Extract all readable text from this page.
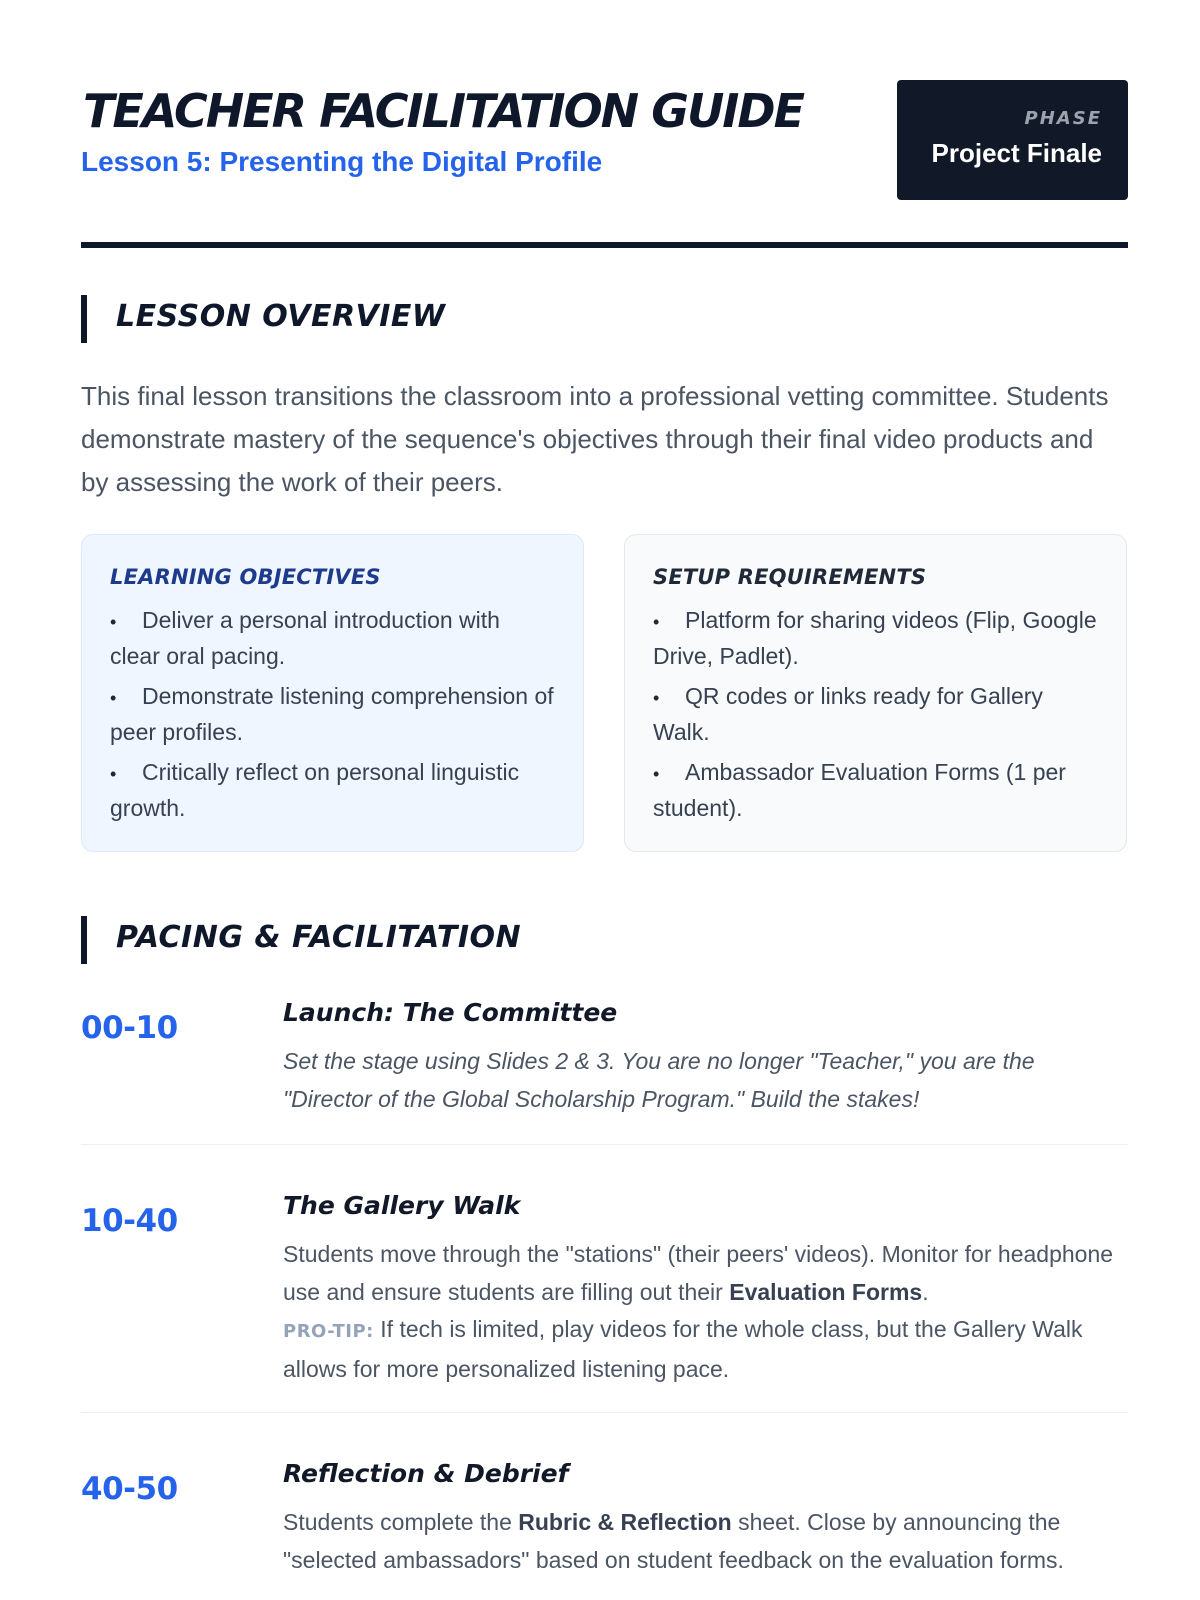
TEACHER FACILITATION GUIDE
Lesson 5: Presenting the Digital Profile
PHASE
Project Finale
LESSON OVERVIEW
This final lesson transitions the classroom into a professional vetting committee. Students demonstrate mastery of the sequence's objectives through their final video products and by assessing the work of their peers.
LEARNING OBJECTIVES
• Deliver a personal introduction with clear oral pacing.
• Demonstrate listening comprehension of peer profiles.
• Critically reflect on personal linguistic growth.
SETUP REQUIREMENTS
• Platform for sharing videos (Flip, Google Drive, Padlet).
• QR codes or links ready for Gallery Walk.
• Ambassador Evaluation Forms (1 per student).
PACING & FACILITATION
00-10	Launch: The Committee
Set the stage using Slides 2 & 3. You are no longer "Teacher," you are the "Director of the Global Scholarship Program." Build the stakes!
10-40	The Gallery Walk
Students move through the "stations" (their peers' videos). Monitor for headphone use and ensure students are filling out their Evaluation Forms.
PRO-TIP: If tech is limited, play videos for the whole class, but the Gallery Walk allows for more personalized listening pace.
40-50	Reflection & Debrief
Students complete the Rubric & Reflection sheet. Close by announcing the "selected ambassadors" based on student feedback on the evaluation forms.
